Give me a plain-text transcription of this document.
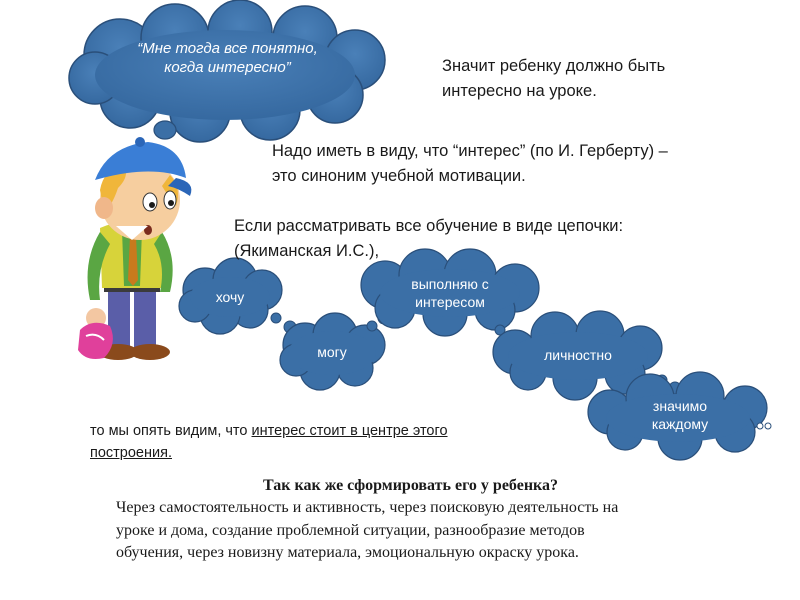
“Мне тогда все понятно,
когда интересно”	Значит ребенку должно быть
интересно на уроке.
Надо иметь в виду, что “интерес” (по И. Герберту) –
это синоним учебной мотивации.
Если рассматривать все обучение в виде цепочки:
(Якиманская И.С.),
хочу
могу
выполняю с
интересом
личностно
значимо
каждому
то мы опять видим, что интерес стоит в центре этого
построения.
Так как же сформировать его у ребенка?
Через самостоятельность и активность, через поисковую деятельность на
уроке и дома, создание проблемной ситуации, разнообразие методов
обучения, через новизну материала, эмоциональную окраску урока.
